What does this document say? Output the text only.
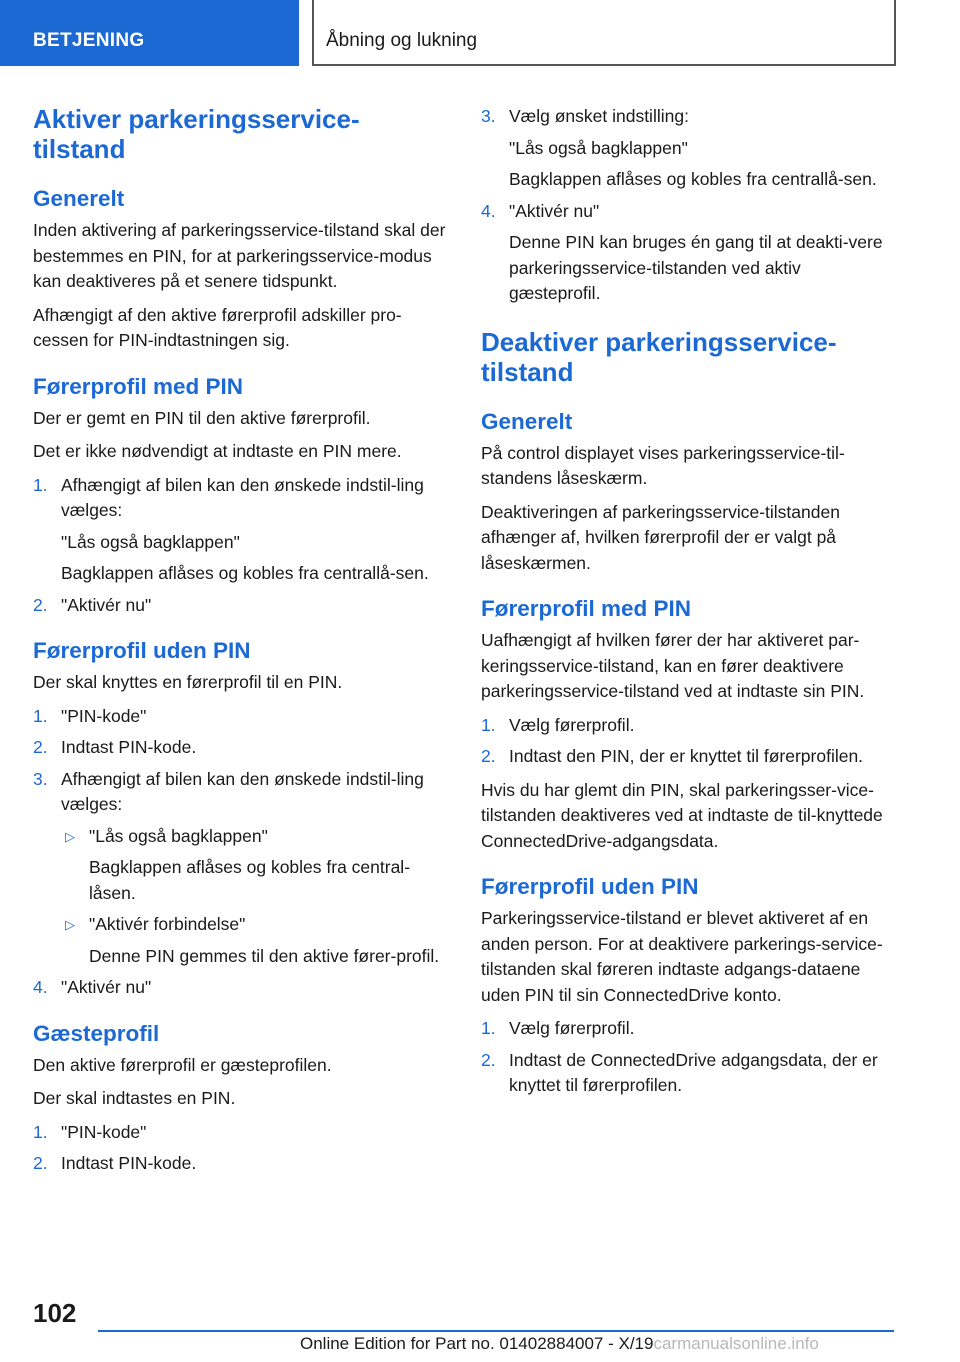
BETJENING	Åbning og lukning
Aktiver parkeringsservice-tilstand
Generelt

Inden aktivering af parkeringsservice-tilstand skal der bestemmes en PIN, for at parkeringsservice-modus kan deaktiveres på et senere tidspunkt.

Afhængigt af den aktive førerprofil adskiller pro-cessen for PIN-indtastningen sig.

Førerprofil med PIN

Der er gemt en PIN til den aktive førerprofil.

Det er ikke nødvendigt at indtaste en PIN mere.

1. Afhængigt af bilen kan den ønskede indstil-ling vælges:
"Lås også bagklappen"
Bagklappen aflåses og kobles fra centrallå-sen.
2. "Aktivér nu"
Førerprofil uden PIN

Der skal knyttes en førerprofil til en PIN.

1. "PIN-kode"
2. Indtast PIN-kode.
3. Afhængigt af bilen kan den ønskede indstil-ling vælges:
▷ "Lås også bagklappen"
Bagklappen aflåses og kobles fra central-låsen.
▷ "Aktivér forbindelse"
Denne PIN gemmes til den aktive fører-profil.
4. "Aktivér nu"
Gæsteprofil

Den aktive førerprofil er gæsteprofilen.

Der skal indtastes en PIN.

1. "PIN-kode"
2. Indtast PIN-kode.
3. Vælg ønsket indstilling:
"Lås også bagklappen"
Bagklappen aflåses og kobles fra centrallå-sen.
4. "Aktivér nu"
Denne PIN kan bruges én gang til at deakti-vere parkeringsservice-tilstanden ved aktiv gæsteprofil.
Deaktiver parkeringsservice-tilstand
Generelt

På control displayet vises parkeringsservice-til-standens låseskærm.

Deaktiveringen af parkeringsservice-tilstanden afhænger af, hvilken førerprofil der er valgt på låseskærmen.

Førerprofil med PIN

Uafhængigt af hvilken fører der har aktiveret par-keringsservice-tilstand, kan en fører deaktivere parkeringsservice-tilstand ved at indtaste sin PIN.

1. Vælg førerprofil.
2. Indtast den PIN, der er knyttet til førerprofilen.

Hvis du har glemt din PIN, skal parkeringsser-vice-tilstanden deaktiveres ved at indtaste de til-knyttede ConnectedDrive-adgangsdata.

Førerprofil uden PIN

Parkeringsservice-tilstand er blevet aktiveret af en anden person. For at deaktivere parkerings-service-tilstanden skal føreren indtaste adgangs-dataene uden PIN til sin ConnectedDrive konto.

1. Vælg førerprofil.
2. Indtast de ConnectedDrive adgangsdata, der er knyttet til førerprofilen.
102
Online Edition for Part no. 01402884007 - X/19carmanualsonline.info
